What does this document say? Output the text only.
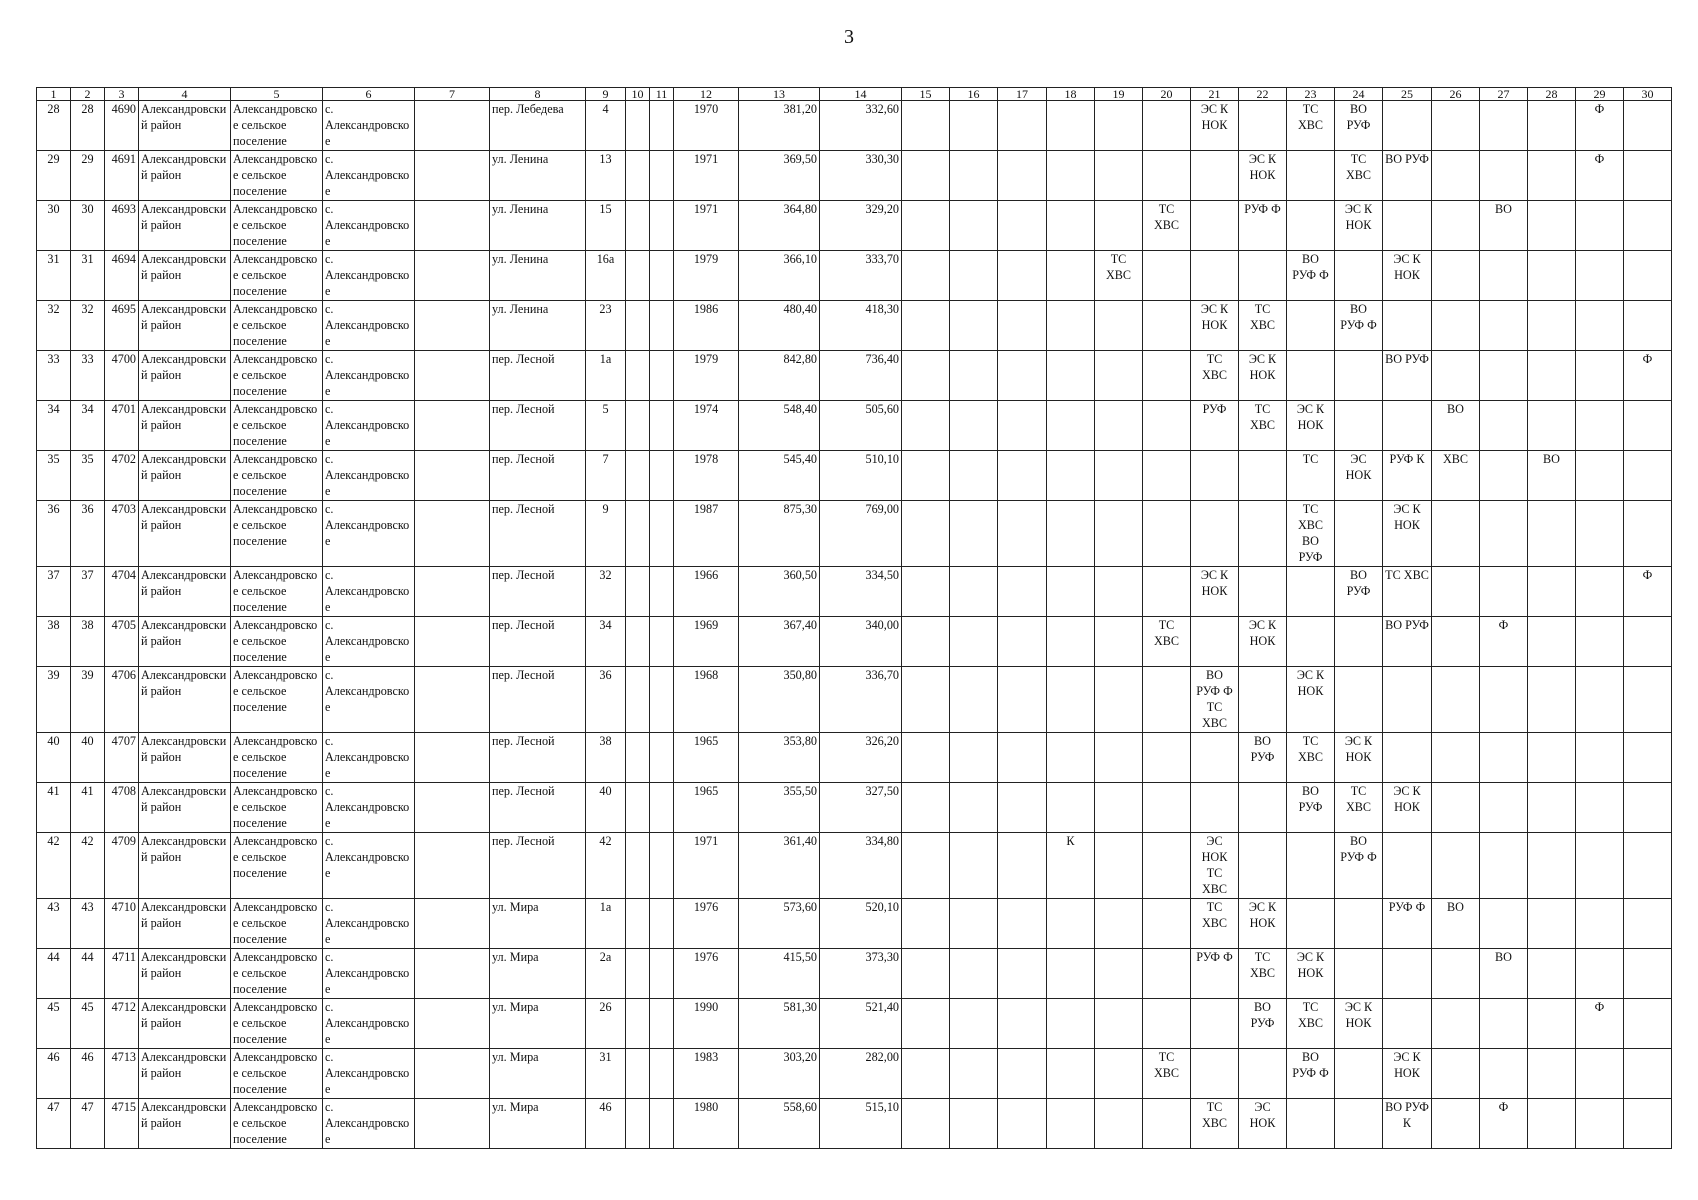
3
1	2	3	4	5	6	7	8	9	10	11	12	13	14	15	16	17	18	19	20	21	22	23	24	25	26	27	28	29	30
28	28	4690	Александровский район	Александровское сельское поселение	с. Александровское		пер. Лебедева	4			1970	381,20	332,60							ЭС К НОК		ТС ХВС	ВО РУФ					Ф	
29	29	4691	Александровский район	Александровское сельское поселение	с. Александровское		ул. Ленина	13			1971	369,50	330,30								ЭС К НОК		ТС ХВС	ВО РУФ				Ф	
30	30	4693	Александровский район	Александровское сельское поселение	с. Александровское		ул. Ленина	15			1971	364,80	329,20						ТС ХВС		РУФ Ф		ЭС К НОК			ВО			
31	31	4694	Александровский район	Александровское сельское поселение	с. Александровское		ул. Ленина	16а			1979	366,10	333,70					ТС ХВС				ВО РУФ Ф		ЭС К НОК					
32	32	4695	Александровский район	Александровское сельское поселение	с. Александровское		ул. Ленина	23			1986	480,40	418,30							ЭС К НОК	ТС ХВС		ВО РУФ Ф						
33	33	4700	Александровский район	Александровское сельское поселение	с. Александровское		пер. Лесной	1а			1979	842,80	736,40							ТС ХВС	ЭС К НОК			ВО РУФ					Ф
34	34	4701	Александровский район	Александровское сельское поселение	с. Александровское		пер. Лесной	5			1974	548,40	505,60							РУФ	ТС ХВС	ЭС К НОК			ВО				
35	35	4702	Александровский район	Александровское сельское поселение	с. Александровское		пер. Лесной	7			1978	545,40	510,10									ТС	ЭС НОК	РУФ К	ХВС		ВО		
36	36	4703	Александровский район	Александровское сельское поселение	с. Александровское		пер. Лесной	9			1987	875,30	769,00									ТС ХВС ВО РУФ		ЭС К НОК					
37	37	4704	Александровский район	Александровское сельское поселение	с. Александровское		пер. Лесной	32			1966	360,50	334,50							ЭС К НОК			ВО РУФ	ТС ХВС					Ф
38	38	4705	Александровский район	Александровское сельское поселение	с. Александровское		пер. Лесной	34			1969	367,40	340,00						ТС ХВС		ЭС К НОК			ВО РУФ		Ф			
39	39	4706	Александровский район	Александровское сельское поселение	с. Александровское		пер. Лесной	36			1968	350,80	336,70							ВО РУФ Ф ТС ХВС		ЭС К НОК							
40	40	4707	Александровский район	Александровское сельское поселение	с. Александровское		пер. Лесной	38			1965	353,80	326,20								ВО РУФ	ТС ХВС	ЭС К НОК						
41	41	4708	Александровский район	Александровское сельское поселение	с. Александровское		пер. Лесной	40			1965	355,50	327,50									ВО РУФ	ТС ХВС	ЭС К НОК					
42	42	4709	Александровский район	Александровское сельское поселение	с. Александровское		пер. Лесной	42			1971	361,40	334,80				К			ЭС НОК ТС ХВС			ВО РУФ Ф						
43	43	4710	Александровский район	Александровское сельское поселение	с. Александровское		ул. Мира	1а			1976	573,60	520,10							ТС ХВС	ЭС К НОК			РУФ Ф	ВО				
44	44	4711	Александровский район	Александровское сельское поселение	с. Александровское		ул. Мира	2а			1976	415,50	373,30							РУФ Ф	ТС ХВС	ЭС К НОК				ВО			
45	45	4712	Александровский район	Александровское сельское поселение	с. Александровское		ул. Мира	26			1990	581,30	521,40								ВО РУФ	ТС ХВС	ЭС К НОК					Ф	
46	46	4713	Александровский район	Александровское сельское поселение	с. Александровское		ул. Мира	31			1983	303,20	282,00						ТС ХВС			ВО РУФ Ф		ЭС К НОК					
47	47	4715	Александровский район	Александровское сельское поселение	с. Александровское		ул. Мира	46			1980	558,60	515,10							ТС ХВС	ЭС НОК			ВО РУФ К		Ф			
